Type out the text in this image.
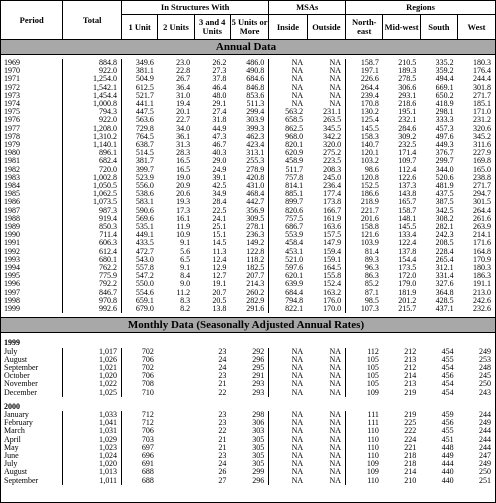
Period	Total	In Structures With				MSAs		Regions			
		1 Unit	2 Units	3 and 4 Units	5 Units or More	Inside	Outside	North-east	Mid-west	South	West
Annual Data											

1969	884.8	349.6	23.0	26.2	486.0	NA	NA	158.7	210.5	335.2	180.3
1970	922.0	381.1	22.8	27.3	490.8	NA	NA	197.1	189.3	359.2	176.4
1971	1,254.0	504.9	26.7	37.8	684.6	NA	NA	226.6	278.5	494.4	244.4
1972	1,542.1	612.5	36.4	46.4	846.8	NA	NA	264.4	306.6	669.1	301.8
1973	1,454.4	521.7	31.0	48.0	853.6	NA	NA	239.4	293.1	650.2	271.7
1974	1,000.8	441.1	19.4	29.1	511.3	NA	NA	170.8	218.6	418.9	185.1
1975	794.3	447.5	20.1	27.4	299.4	563.2	231.1	130.2	195.1	298.1	171.0
1976	922.0	563.6	22.7	31.8	303.9	658.5	263.5	125.4	232.1	333.3	231.2
1977	1,208.0	729.8	34.0	44.9	399.3	862.5	345.5	145.5	284.6	457.3	320.6
1978	1,310.2	764.5	36.1	47.3	462.3	968.0	342.2	158.3	309.2	497.6	345.2
1979	1,140.1	638.7	31.3	46.7	423.4	820.1	320.0	140.7	232.5	449.3	311.6
1980	896.1	514.5	28.3	40.3	313.1	620.9	275.2	120.1	171.4	376.7	227.9
1981	682.4	381.7	16.5	29.0	255.3	458.9	223.5	103.2	109.7	299.7	169.8
1982	720.0	399.7	16.5	24.9	278.9	511.7	208.3	98.6	112.4	344.0	165.0
1983	1,002.8	523.9	19.0	39.1	420.8	757.8	245.0	120.8	122.6	520.6	238.8
1984	1,050.5	556.0	20.9	42.5	431.0	814.1	236.4	152.5	137.3	481.9	271.7
1985	1,062.5	538.6	20.6	34.9	468.4	885.1	177.4	186.6	143.8	437.5	294.7
1986	1,073.5	583.1	19.3	28.4	442.7	899.7	173.8	218.9	165.7	387.5	301.5
1987	987.3	590.6	17.3	22.5	356.9	820.6	166.7	221.7	158.7	342.5	264.4
1988	919.4	569.6	16.1	24.1	309.5	757.5	161.9	201.6	148.1	308.2	261.6
1989	850.3	535.1	11.9	25.1	278.1	686.7	163.6	158.8	145.5	282.1	263.9
1990	711.4	449.1	10.9	15.1	236.3	553.9	157.5	121.6	133.4	242.3	214.1
1991	606.3	433.5	9.1	14.5	149.2	458.4	147.9	103.9	122.4	208.5	171.6
1992	612.4	472.7	5.6	11.3	122.8	453.1	159.4	81.4	137.8	228.4	164.8
1993	680.1	543.0	6.5	12.4	118.2	521.0	159.1	89.3	154.4	265.4	170.9
1994	762.2	557.8	9.1	12.9	182.5	597.6	164.5	96.3	173.5	312.1	180.3
1995	775.9	547.2	8.4	12.7	207.7	620.1	155.8	86.3	172.0	331.4	186.3
1996	792.2	550.0	9.0	19.1	214.3	639.9	152.4	85.2	179.0	327.6	191.1
1997	846.7	554.6	11.2	20.7	260.2	684.4	163.2	87.1	181.9	364.8	213.0
1998	970.8	659.1	8.3	20.5	282.9	794.8	176.0	98.5	201.2	428.5	242.6
1999	992.6	679.0	8.2	13.8	291.6	822.1	170.0	107.3	215.7	437.1	232.6

Monthly Data (Seasonally Adjusted Annual Rates)											

1999											
July	1,017	702		23	292	NA	NA	112	212	454	249
August	1,026	706		24	296	NA	NA	105	213	455	253
September	1,021	702		24	295	NA	NA	105	212	454	248
October	1,020	706		23	291	NA	NA	105	214	456	245
November	1,022	708		21	293	NA	NA	105	213	454	250
December	1,025	710		22	293	NA	NA	109	219	454	243

2000											
January	1,033	712		23	298	NA	NA	111	219	459	244
February	1,041	712		23	306	NA	NA	111	225	456	249
March	1,031	706		22	303	NA	NA	110	222	455	244
April	1,029	703		21	305	NA	NA	110	224	451	244
May	1,023	697		21	305	NA	NA	110	221	448	244
June	1,024	696		23	305	NA	NA	110	218	449	247
July	1,020	691		24	305	NA	NA	109	218	444	249
August	1,013	688		26	299	NA	NA	109	214	440	250
September	1,011	688		27	296	NA	NA	110	210	440	251
